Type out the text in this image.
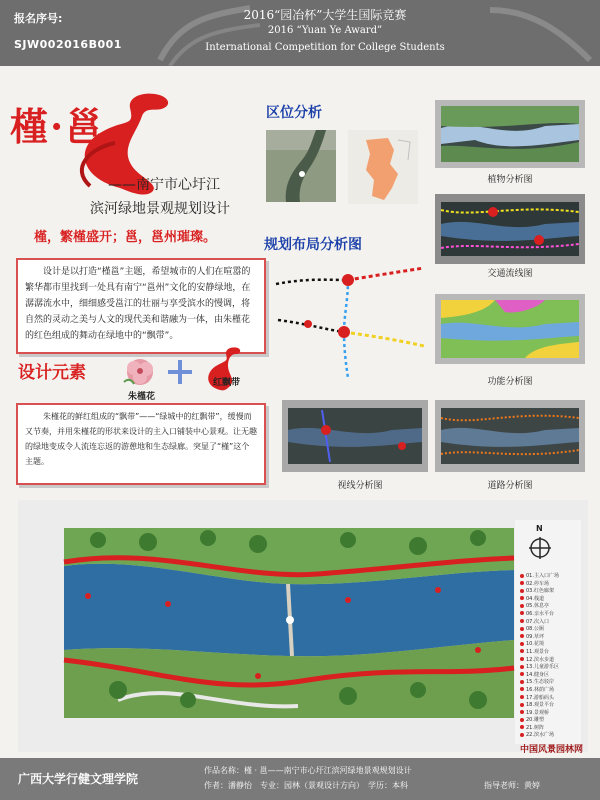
报名序号:
SJW002016B001
2016“园冶杯”大学生国际竞赛
2016 “Yuan Ye Award”
International Competition for College Students
槿·邕
——南宁市心圩江
滨河绿地景观规划设计
槿，繁槿盛开；邕，邕州璀璨。

设计是以打造“槿邕”主题，希望城市的人们在喧嚣的繁华都市里找到一处具有南宁“邕州”文化的安静绿地，在潺潺流水中，细细感受邕江的壮丽与享受滨水的慢调，将自然的灵动之美与人文的现代美和谐融为一体，由朱槿花的红色组成的舞动在绿地中的“飘带”。

设计元素
朱槿花
红飘带

朱槿花的鲜红组成的“飘带”——“绿城中的红飘带”，缓慢而又节奏，并用朱槿花的形状来设计的主入口铺装中心景观。让无趣的绿地变成令人流连忘返的游憩地和生态绿廊。突显了“槿”这个主题。

区位分析
植物分析图
交通流线图
功能分析图
道路分析图
规划布局分析图
视线分析图
N
01.主入口广场
02.停车场
03.红色廊架
04.栈道
05.休息亭
06.亲水平台
07.次入口
08.公厕
09.草坪
10.花境
11.观景台
12.滨水步道
13.儿童游乐区
14.健身区
15.生态驳岸
16.林荫广场
17.游船码头
18.观景平台
19.景观桥
20.雕塑
21.树阵
22.滨水广场
中国风景园林网
广西大学行健文理学院
作品名称：槿 · 邕——南宁市心圩江滨河绿地景观规划设计
作者：潘静怡　专业：园林（景观设计方向）　学历：本科	指导老师：黄婷
